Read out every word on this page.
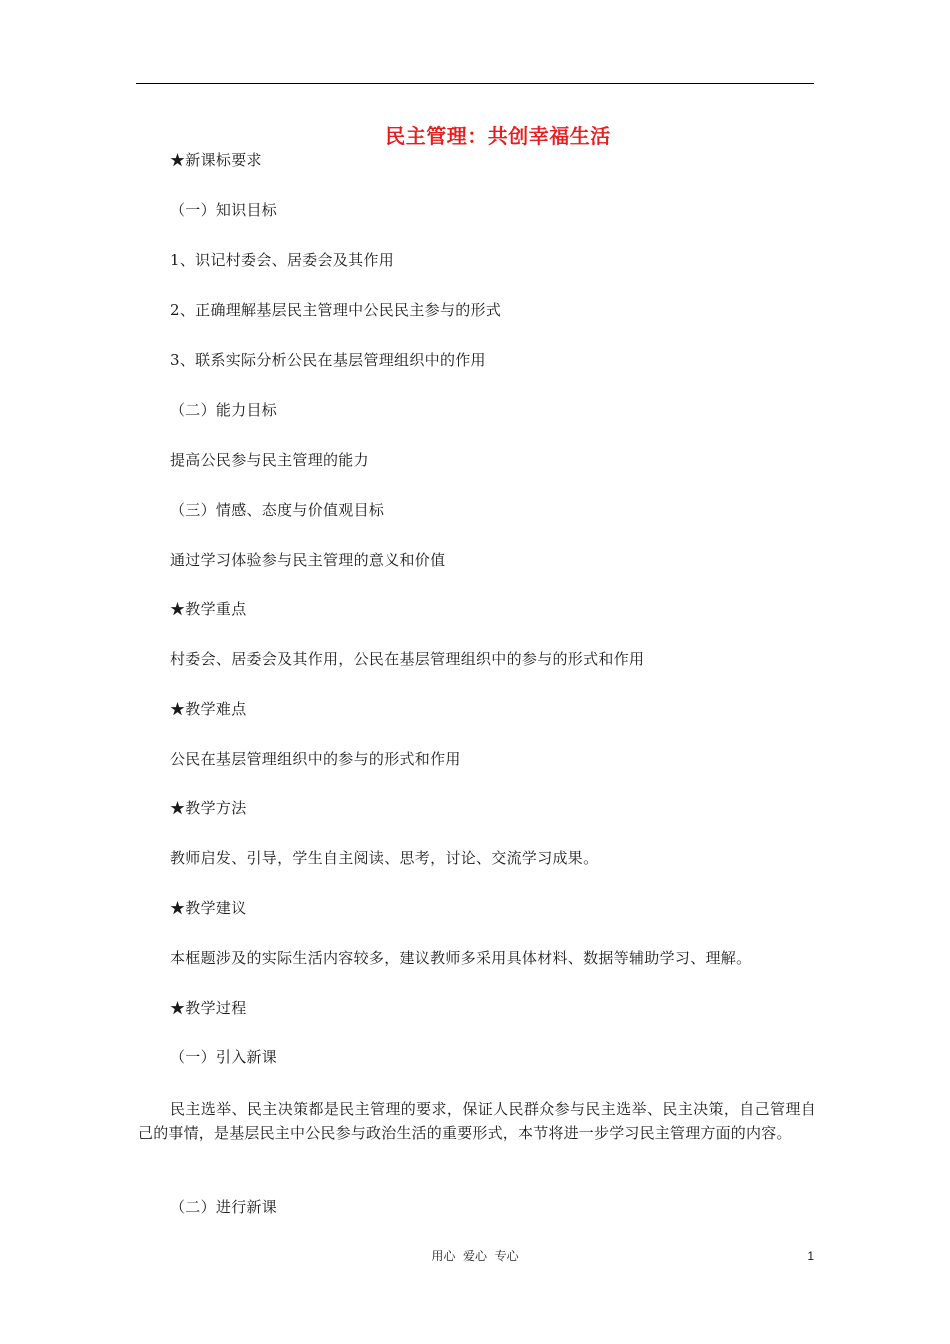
民主管理：共创幸福生活
★新课标要求
（一）知识目标
1、识记村委会、居委会及其作用
2、正确理解基层民主管理中公民民主参与的形式
3、联系实际分析公民在基层管理组织中的作用
（二）能力目标
提高公民参与民主管理的能力
（三）情感、态度与价值观目标
通过学习体验参与民主管理的意义和价值
★教学重点
村委会、居委会及其作用，公民在基层管理组织中的参与的形式和作用
★教学难点
公民在基层管理组织中的参与的形式和作用
★教学方法
教师启发、引导，学生自主阅读、思考，讨论、交流学习成果。
★教学建议
本框题涉及的实际生活内容较多，建议教师多采用具体材料、数据等辅助学习、理解。
★教学过程
（一）引入新课
民主选举、民主决策都是民主管理的要求，保证人民群众参与民主选举、民主决策，自己管理自己的事情，是基层民主中公民参与政治生活的重要形式，本节将进一步学习民主管理方面的内容。
（二）进行新课
用心  爱心  专心	1
